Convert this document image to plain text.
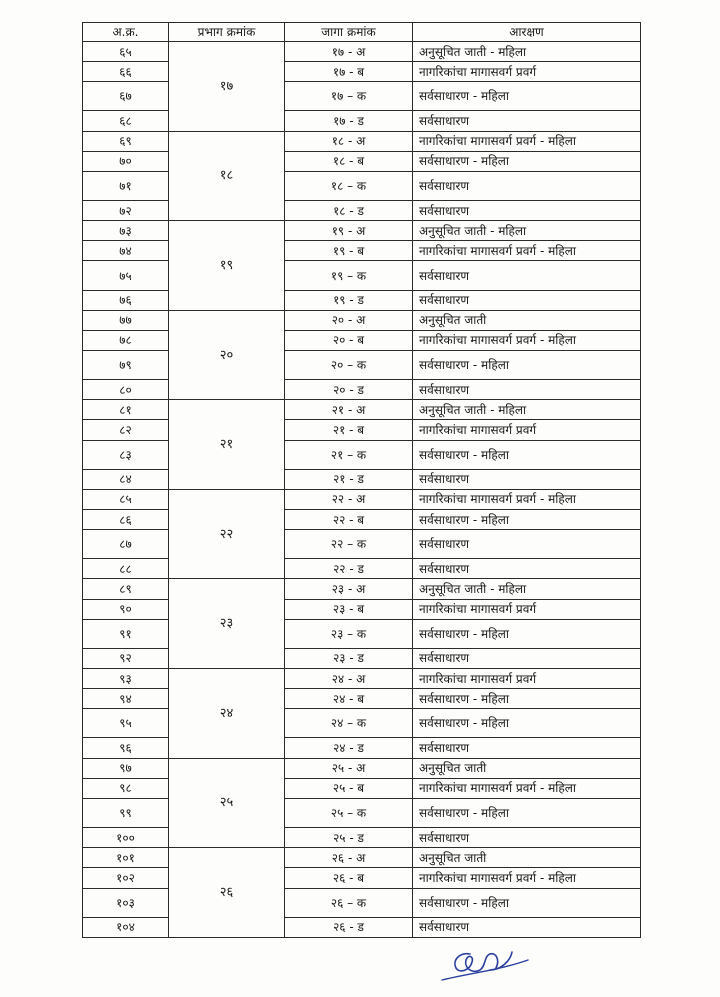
अ.क्र.	प्रभाग क्रमांक	जागा क्रमांक	आरक्षण
६५	१७	१७ - अ	अनुसूचित जाती - महिला
६६		१७ - ब	नागरिकांचा मागासवर्ग प्रवर्ग
६७		१७ – क	सर्वसाधारण - महिला
६८		१७ - ड	सर्वसाधारण
६९	१८	१८ - अ	नागरिकांचा मागासवर्ग प्रवर्ग - महिला
७०		१८ - ब	सर्वसाधारण - महिला
७१		१८ – क	सर्वसाधारण
७२		१८ - ड	सर्वसाधारण
७३	१९	१९ - अ	अनुसूचित जाती - महिला
७४		१९ - ब	नागरिकांचा मागासवर्ग प्रवर्ग - महिला
७५		१९ – क	सर्वसाधारण
७६		१९ - ड	सर्वसाधारण
७७	२०	२० - अ	अनुसूचित जाती
७८		२० - ब	नागरिकांचा मागासवर्ग प्रवर्ग - महिला
७९		२० – क	सर्वसाधारण - महिला
८०		२० - ड	सर्वसाधारण
८१	२१	२१ - अ	अनुसूचित जाती - महिला
८२		२१ - ब	नागरिकांचा मागासवर्ग प्रवर्ग
८३		२१ – क	सर्वसाधारण - महिला
८४		२१ - ड	सर्वसाधारण
८५	२२	२२ - अ	नागरिकांचा मागासवर्ग प्रवर्ग - महिला
८६		२२ - ब	सर्वसाधारण - महिला
८७		२२ – क	सर्वसाधारण
८८		२२ - ड	सर्वसाधारण
८९	२३	२३ - अ	अनुसूचित जाती - महिला
९०		२३ - ब	नागरिकांचा मागासवर्ग प्रवर्ग
९१		२३ – क	सर्वसाधारण - महिला
९२		२३ - ड	सर्वसाधारण
९३	२४	२४ - अ	नागरिकांचा मागासवर्ग प्रवर्ग
९४		२४ - ब	सर्वसाधारण - महिला
९५		२४ – क	सर्वसाधारण - महिला
९६		२४ - ड	सर्वसाधारण
९७	२५	२५ - अ	अनुसूचित जाती
९८		२५ - ब	नागरिकांचा मागासवर्ग प्रवर्ग - महिला
९९		२५ – क	सर्वसाधारण - महिला
१००		२५ - ड	सर्वसाधारण
१०१	२६	२६ - अ	अनुसूचित जाती
१०२		२६ - ब	नागरिकांचा मागासवर्ग प्रवर्ग - महिला
१०३		२६ – क	सर्वसाधारण - महिला
१०४		२६ - ड	सर्वसाधारण
